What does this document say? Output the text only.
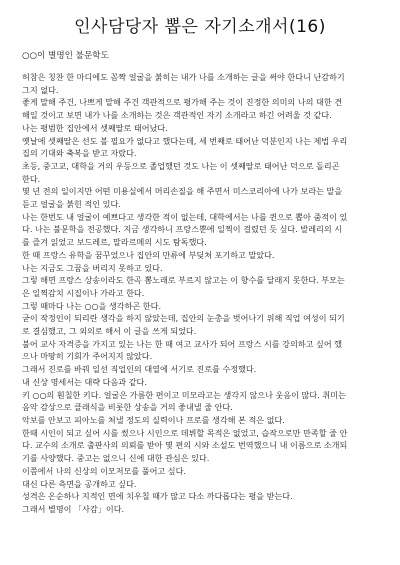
인사담당자 뽑은 자기소개서(16)

○○이 별명인 불문학도

허참은 칭찬 한 마디에도 꼼짝 얼굴을 붉히는 내가 나를 소개하는 글을 써야 한다니 난감하기

그지 없다.

좋게 말해 주건, 나쁘게 말해 주건 객관적으로 평가해 주는 것이 진정한 의미의 나의 대한 견

해일 것이고 보면 내가 나를 소개하는 것은 객관적인 자기 소개라고 하긴 어려울 것 같다.

나는 평범한 집안에서 셋째딸로 태어났다.

옛날에 셋째딸은 선도 볼 필요가 없다고 했다는데, 세 번째로 태어난 덕분인지 나는 제법 우리

집의 기대와 축복을 받고 자랐다.

초등, 중고교, 대학을 거의 우등으로 졸업했던 것도 나는 이 셋째딸로 태어난 덕으로 돌리곤

한다.

몇 년 전의 일이지만 어떤 미용실에서 머리손질을 해 주면서 미스코리아에 나가 보라는 말을

듣고 얼굴을 붉힌 적인 있다.

나는 한번도 내 얼굴이 예쁘다고 생각한 적이 없는데, 대학에서는 나를 퀸으로 뽑아 줌적이 있

다. 나는 불문학을 전공했다. 지금 생각하니 프랑스뿐에 일찍이 걸렸던 듯 싶다. 발레리의 시

를 즐겨 읽었고 보드레르, 말라르메의 시도 탐독했다.

한 때 프랑스 유학을 꿈꾸었으나 집안의 만류에 부딪쳐 포기하고 말았다.

나는 지금도 그꿈을 버리지 못하고 있다.

그렇 해면 프랑스 상송이라도 한곡 뽐노래로 부르지 않고는 이 향수를 달래지 못한다. 부모는

은 일찍감치 시집이나 가라고 한다.

그렇 때마다 나는 ○○을 생각하곤 한다.

굳이 작정인이 되리란 생각을 하지 않았는데, 집안의 눈총을 벗어나기 위해 직업 여성이 되기

로 결심했고, 그 외의로 해서 이 글을 쓰게 되었다.

불어 교사 자격증을 가지고 있는 나는 한 때 여고 교사가 되어 프랑스 시를 강의하고 싶어 했

으나 마땅히 기회가 주어지지 않았다.

그래서 진로를 바꿔 일선 직업인의 대열에 서기로 진로를 수정했다.

내 신상 명세서는 대략 다음과 같다.

키 ○○의 훤칠한 키다. 얼굴은 가름한 편이고 미모라고는 생각지 않으나 웃음이 많다. 취미는

음악 감상으로 클래식을 비롯한 상송을 거의 좋내낼 줄 안다.

악보를 안보고 피아노를 쳐낼 정도의 실력이나 프로를 생각해 본 적은 없다.

한때 시인이 되고 싶어 시를 썼으나 시인으로 데뷔할 목적은 없었고, 습작으로만 만족할 줄 안

다. 교수의 소개로 출판사의 의뢰를 받아 몇 편의 시와 소설도 번역했으니 내 이름으로 소개되

기를 사양했다. 중고는 없으니 신에 대한 관심은 있다.

이쯤에서 나의 신상의 이모저모를 풀어고 싶다.

대신 다른 측면을 공개하고 싶다.

성격은 온순하나 지적인 면에 치우칠 때가 많고 다소 까다롭다는 평을 받는다.

그래서 별명이 「사감」이다.
